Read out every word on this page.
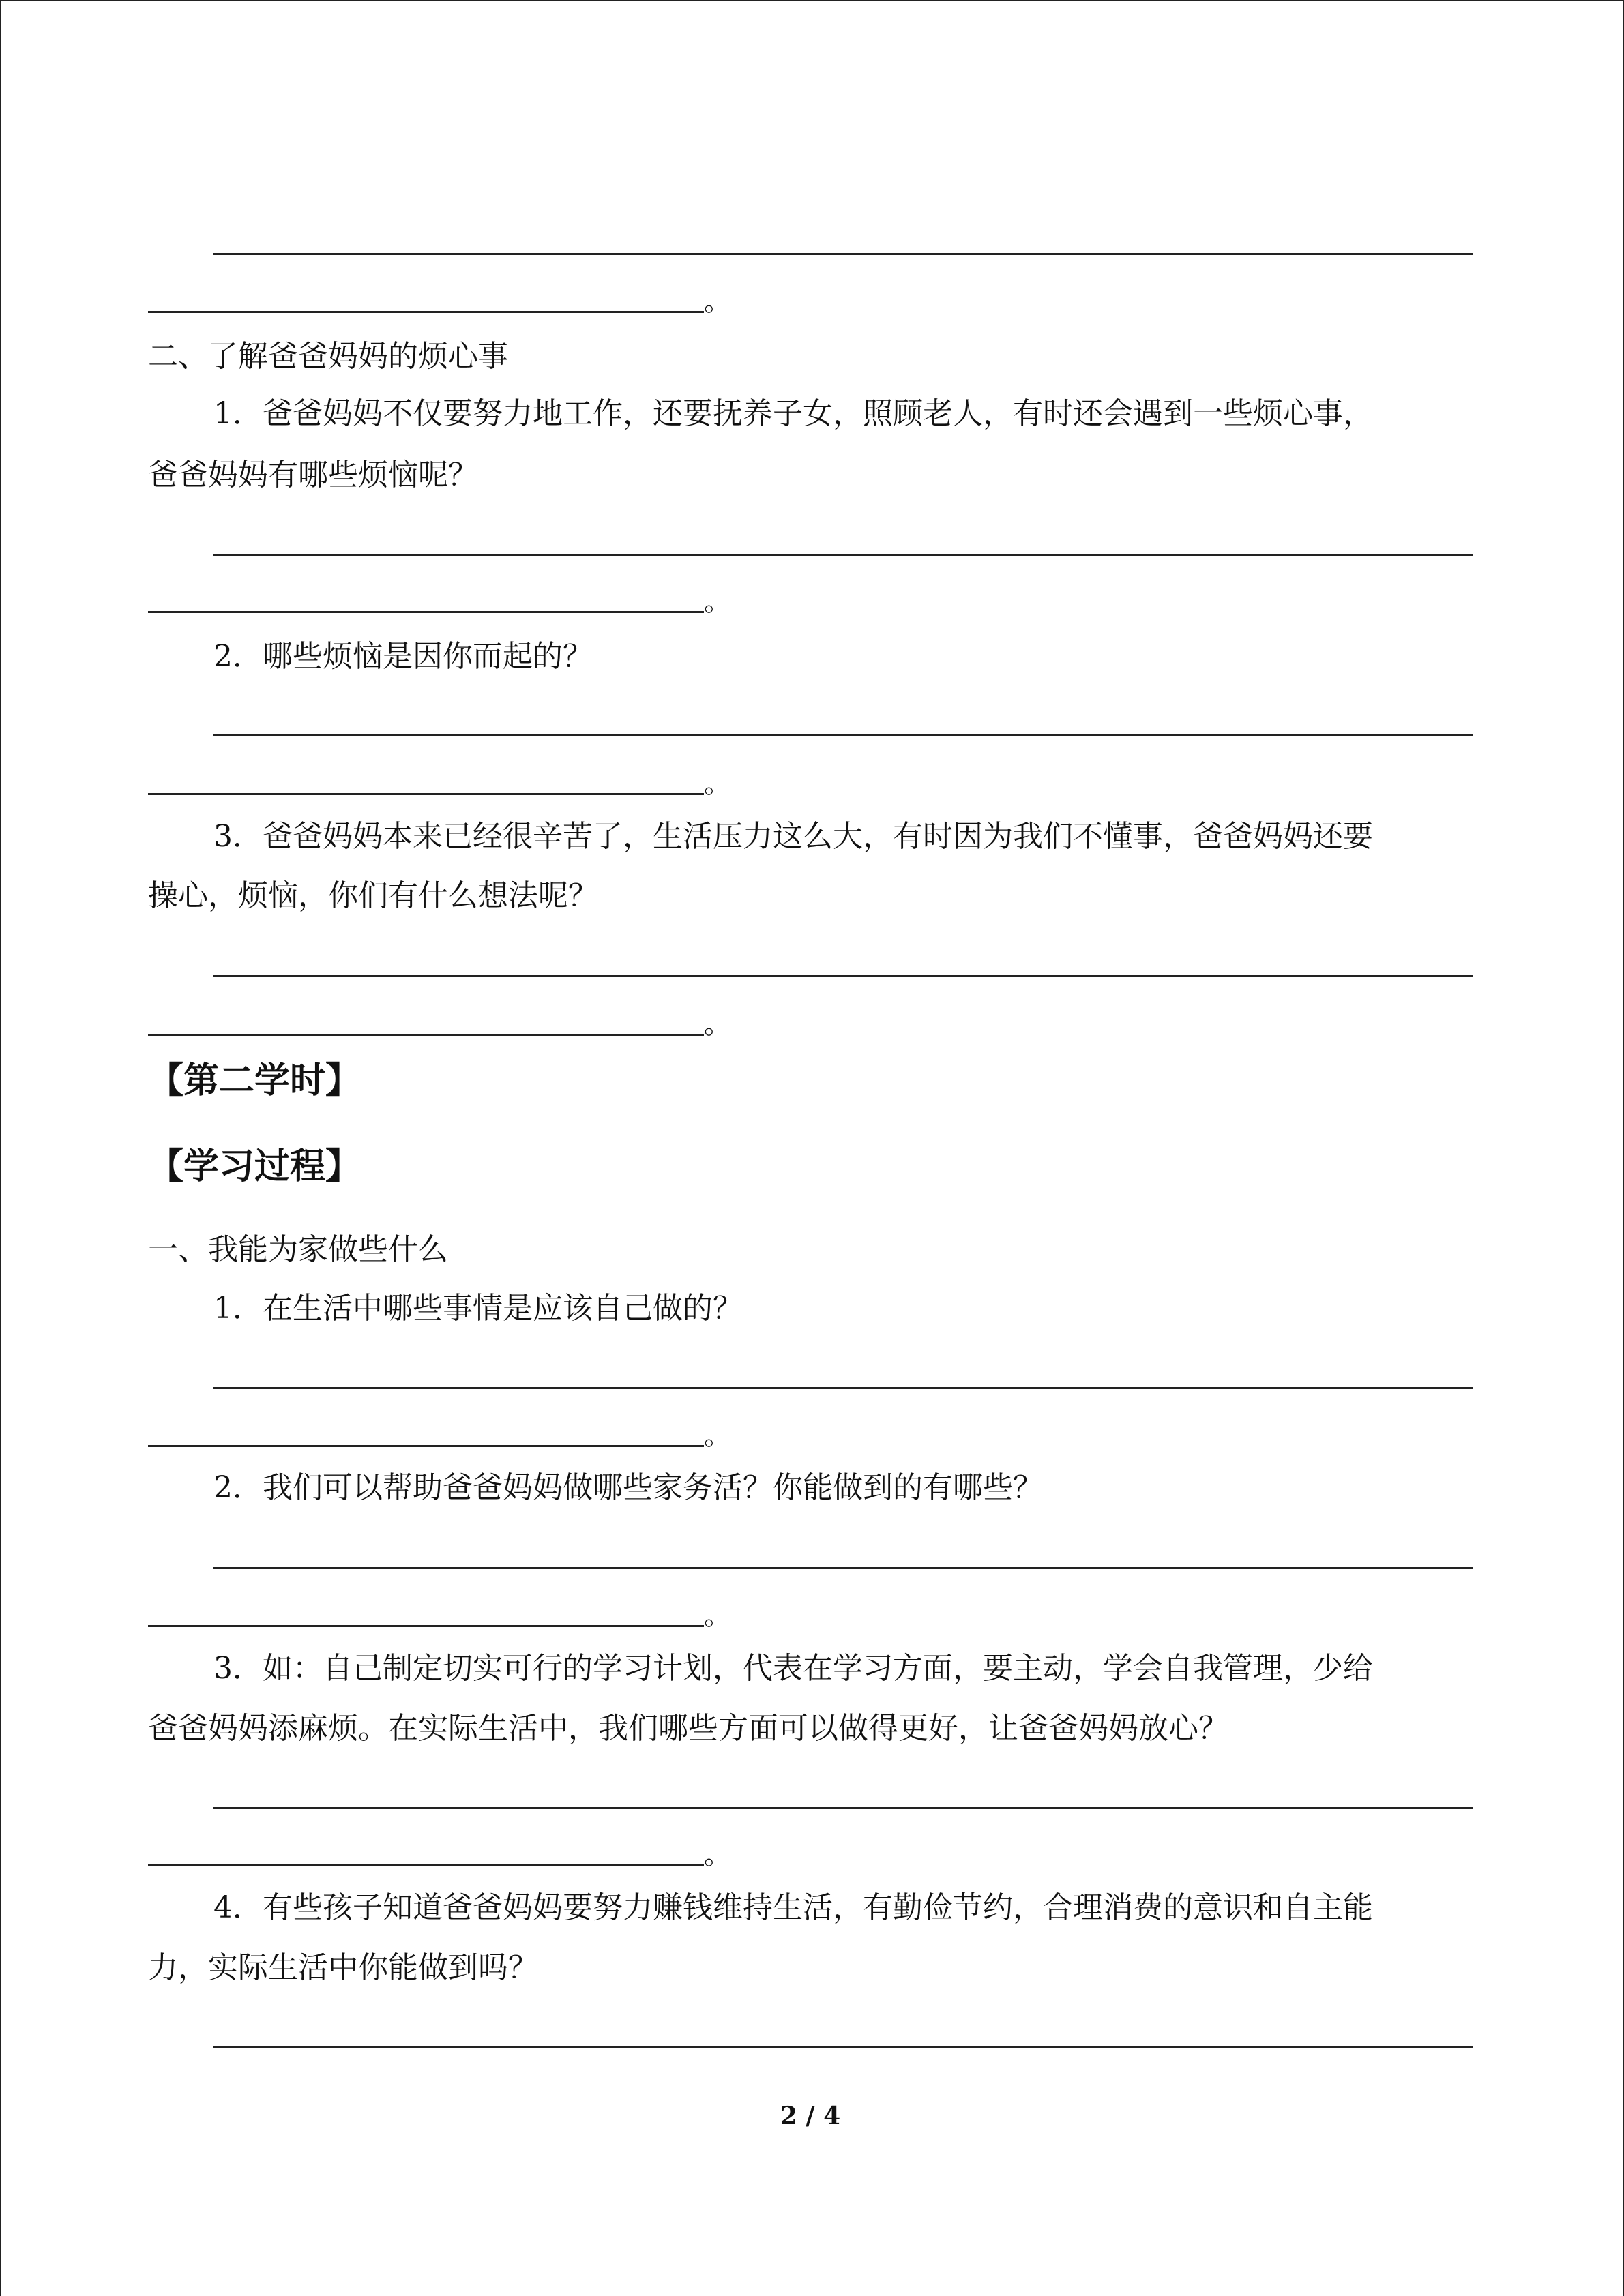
。
二、了解爸爸妈妈的烦心事
1．爸爸妈妈不仅要努力地工作，还要抚养子女，照顾老人，有时还会遇到一些烦心事，
爸爸妈妈有哪些烦恼呢？
。
2．哪些烦恼是因你而起的？
。
3．爸爸妈妈本来已经很辛苦了，生活压力这么大，有时因为我们不懂事，爸爸妈妈还要
操心，烦恼，你们有什么想法呢？
。
【第二学时】
【学习过程】
一、我能为家做些什么
1．在生活中哪些事情是应该自己做的？
。
2．我们可以帮助爸爸妈妈做哪些家务活？你能做到的有哪些？
。
3．如：自己制定切实可行的学习计划，代表在学习方面，要主动，学会自我管理，少给
爸爸妈妈添麻烦。在实际生活中，我们哪些方面可以做得更好，让爸爸妈妈放心？
。
4．有些孩子知道爸爸妈妈要努力赚钱维持生活，有勤俭节约，合理消费的意识和自主能
力，实际生活中你能做到吗？
2 / 4
